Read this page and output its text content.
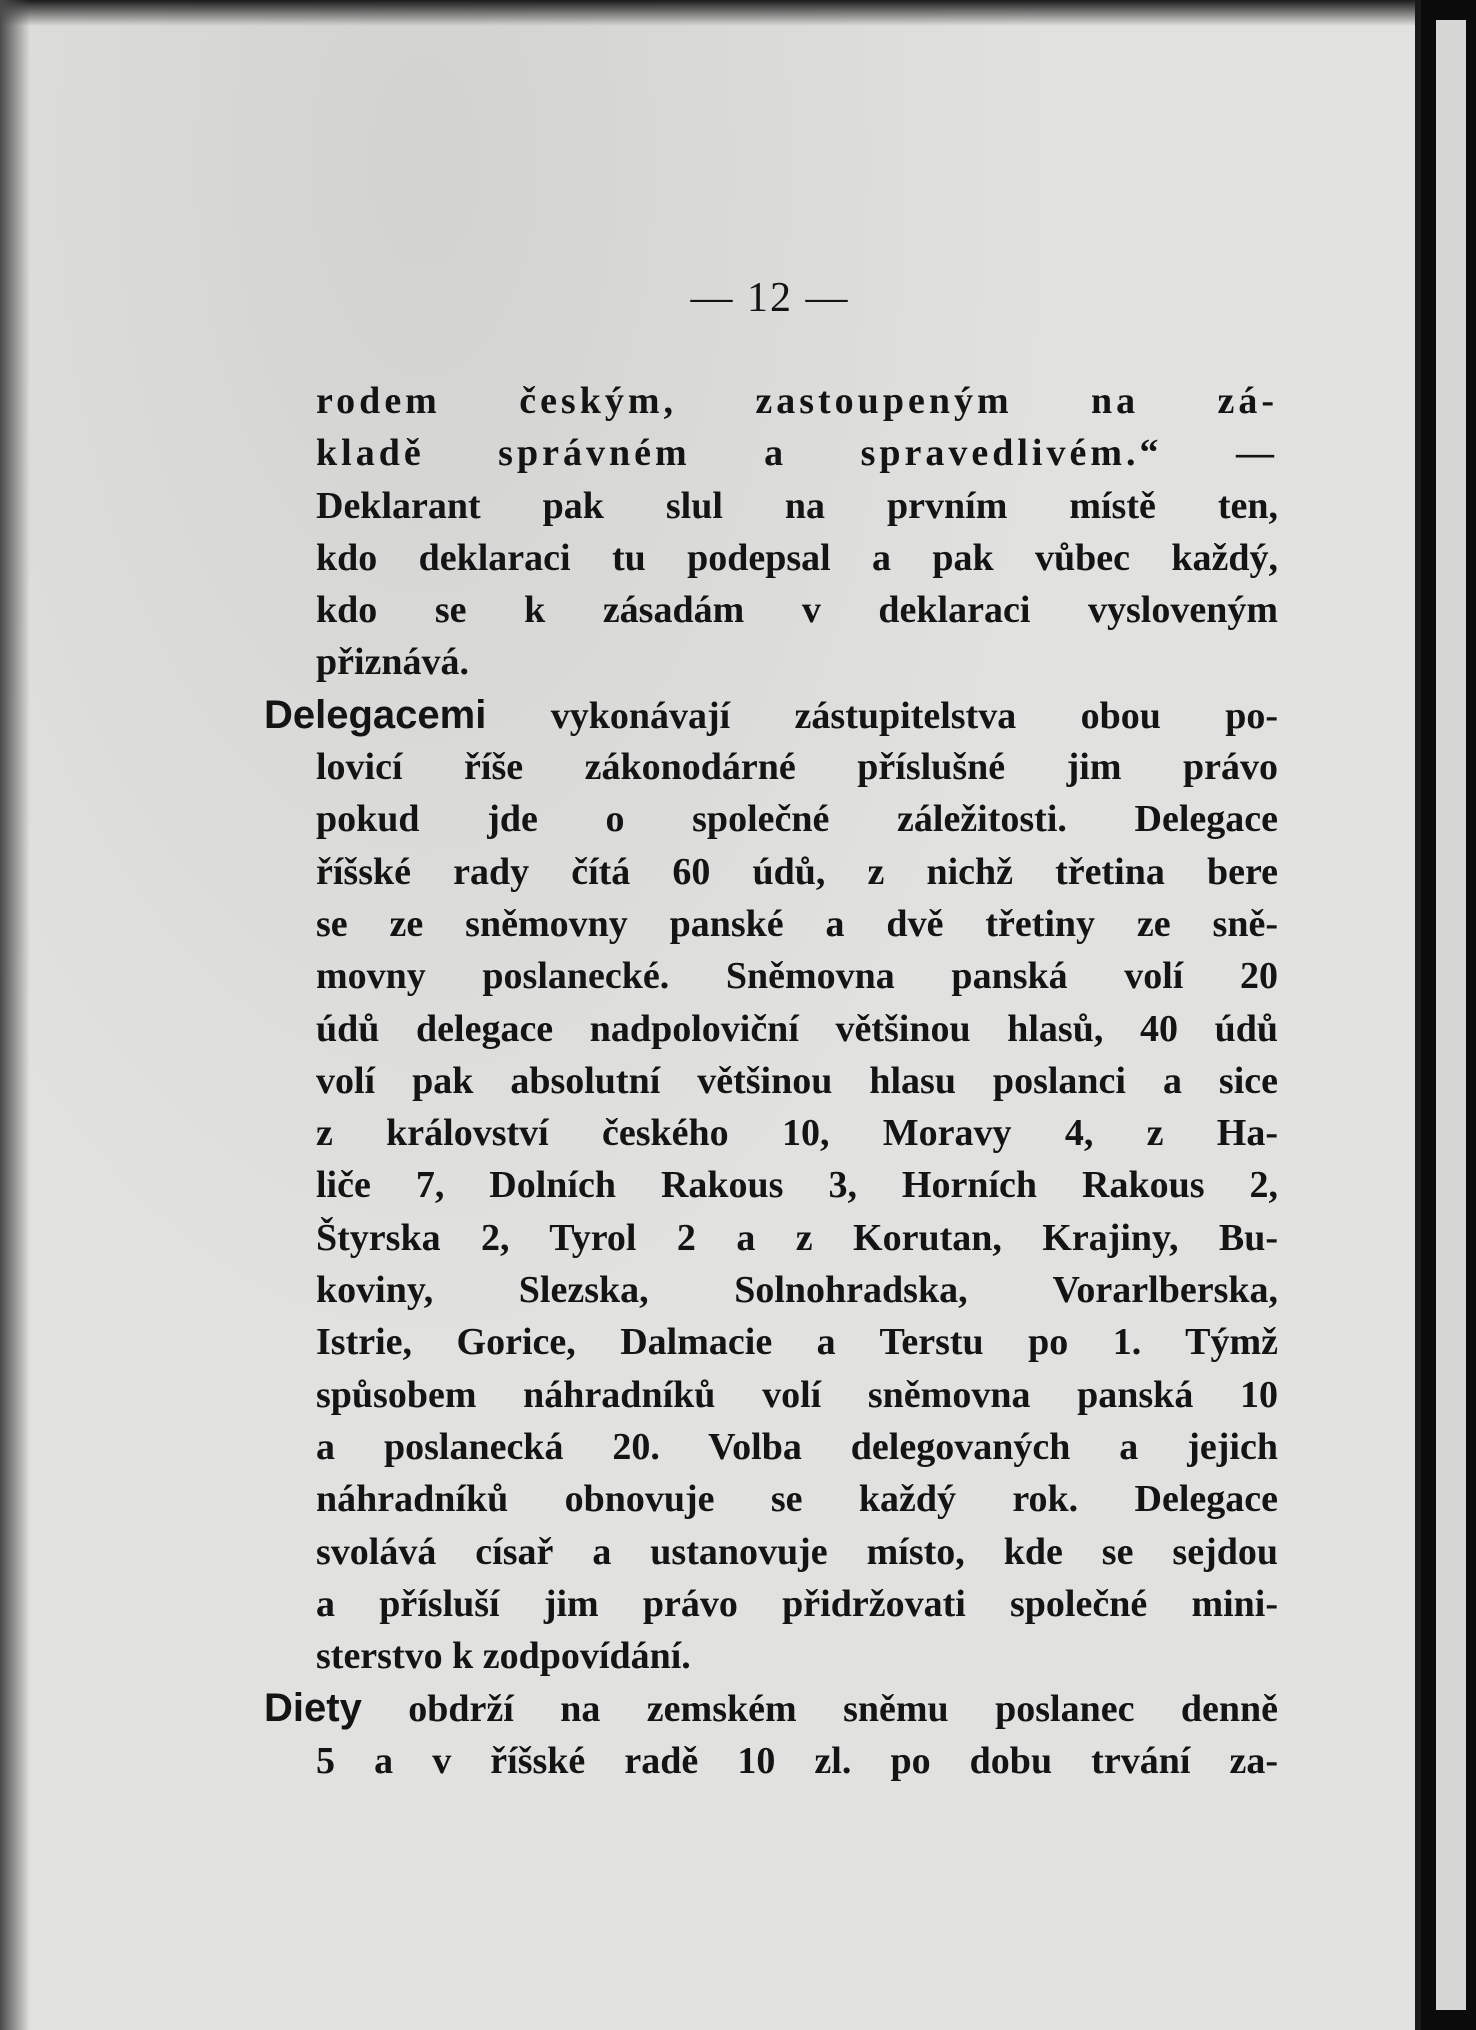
— 12 —
rodem českým, zastoupeným na zá-
kladě správném a spravedlivém.“ —
Deklarant pak slul na prvním místě ten,
kdo deklaraci tu podepsal a pak vůbec každý,
kdo se k zásadám v deklaraci vysloveným
přiznává.
Delegacemi vykonávají zástupitelstva obou po-
lovicí říše zákonodárné příslušné jim právo
pokud jde o společné záležitosti. Delegace
říšské rady čítá 60 údů, z nichž třetina bere
se ze sněmovny panské a dvě třetiny ze sně-
movny poslanecké. Sněmovna panská volí 20
údů delegace nadpoloviční většinou hlasů, 40 údů
volí pak absolutní většinou hlasu poslanci a sice
z království českého 10, Moravy 4, z Ha-
liče 7, Dolních Rakous 3, Horních Rakous 2,
Štyrska 2, Tyrol 2 a z Korutan, Krajiny, Bu-
koviny, Slezska, Solnohradska, Vorarlberska,
Istrie, Gorice, Dalmacie a Terstu po 1. Týmž
spůsobem náhradníků volí sněmovna panská 10
a poslanecká 20. Volba delegovaných a jejich
náhradníků obnovuje se každý rok. Delegace
svolává císař a ustanovuje místo, kde se sejdou
a přísluší jim právo přidržovati společné mini-
sterstvo k zodpovídání.
Diety obdrží na zemském sněmu poslanec denně
5 a v říšské radě 10 zl. po dobu trvání za-
